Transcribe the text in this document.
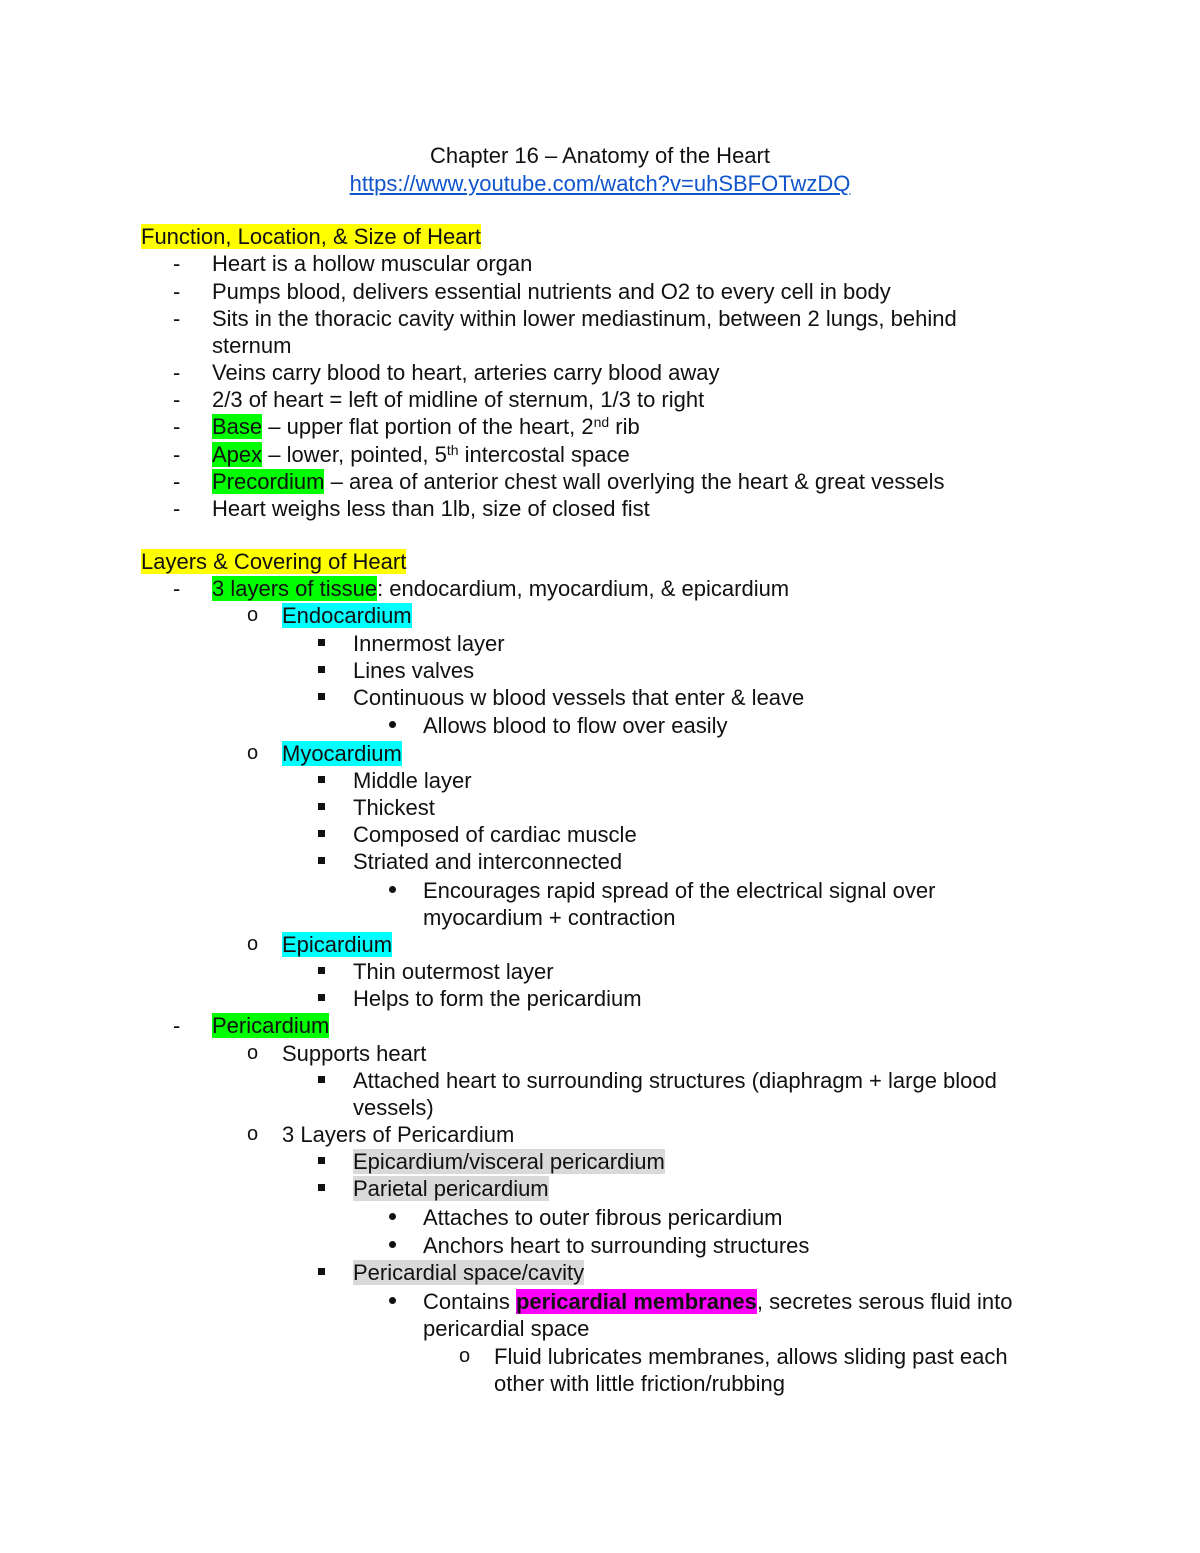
Chapter 16 – Anatomy of the Heart
https://www.youtube.com/watch?v=uhSBFOTwzDQ
Function, Location, & Size of Heart
- Heart is a hollow muscular organ
- Pumps blood, delivers essential nutrients and O2 to every cell in body
- Sits in the thoracic cavity within lower mediastinum, between 2 lungs, behind
sternum
- Veins carry blood to heart, arteries carry blood away
- 2/3 of heart = left of midline of sternum, 1/3 to right
- Base – upper flat portion of the heart, 2nd rib
- Apex – lower, pointed, 5th intercostal space
- Precordium – area of anterior chest wall overlying the heart & great vessels
- Heart weighs less than 1lb, size of closed fist
Layers & Covering of Heart
- 3 layers of tissue: endocardium, myocardium, & epicardium
o Endocardium
Innermost layer
Lines valves
Continuous w blood vessels that enter & leave
Allows blood to flow over easily
o Myocardium
Middle layer
Thickest
Composed of cardiac muscle
Striated and interconnected
Encourages rapid spread of the electrical signal over
myocardium + contraction
o Epicardium
Thin outermost layer
Helps to form the pericardium
- Pericardium
o Supports heart
Attached heart to surrounding structures (diaphragm + large blood
vessels)
o 3 Layers of Pericardium
Epicardium/visceral pericardium
Parietal pericardium
Attaches to outer fibrous pericardium
Anchors heart to surrounding structures
Pericardial space/cavity
Contains pericardial membranes, secretes serous fluid into
pericardial space
o Fluid lubricates membranes, allows sliding past each
other with little friction/rubbing
